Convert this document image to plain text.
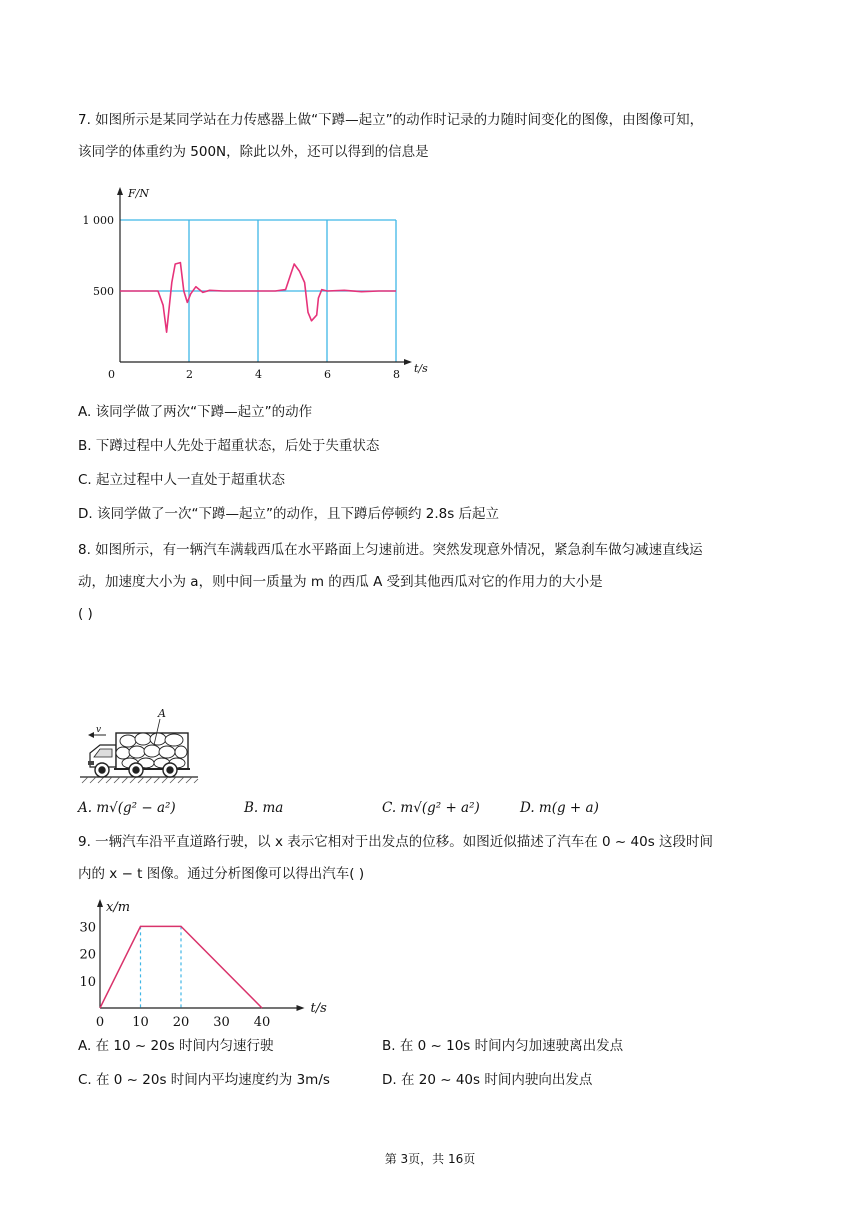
7. 如图所示是某同学站在力传感器上做“下蹲—起立”的动作时记录的力随时间变化的图像，由图像可知，
该同学的体重约为 500N，除此以外，还可以得到的信息是
0	2	4	6	8
500
1 000
F/N
t/s
A. 该同学做了两次“下蹲—起立”的动作
B. 下蹲过程中人先处于超重状态，后处于失重状态
C. 起立过程中人一直处于超重状态
D. 该同学做了一次“下蹲—起立”的动作，且下蹲后停顿约 2.8s 后起立
8. 如图所示，有一辆汽车满载西瓜在水平路面上匀速前进。突然发现意外情况，紧急刹车做匀减速直线运
动，加速度大小为 a，则中间一质量为 m 的西瓜 A 受到其他西瓜对它的作用力的大小是
( )
v
A
A. m√(g² − a²)	B. ma	C. m√(g² + a²)	D. m(g + a)
9. 一辆汽车沿平直道路行驶，以 x 表示它相对于出发点的位移。如图近似描述了汽车在 0 ~ 40s 这段时间
内的 x − t 图像。通过分析图像可以得出汽车( )
0 10 20 30 40
10
20
30
x/m
t/s
A. 在 10 ~ 20s 时间内匀速行驶	B. 在 0 ~ 10s 时间内匀加速驶离出发点
C. 在 0 ~ 20s 时间内平均速度约为 3m/s	D. 在 20 ~ 40s 时间内驶向出发点
第 3页，共 16页
